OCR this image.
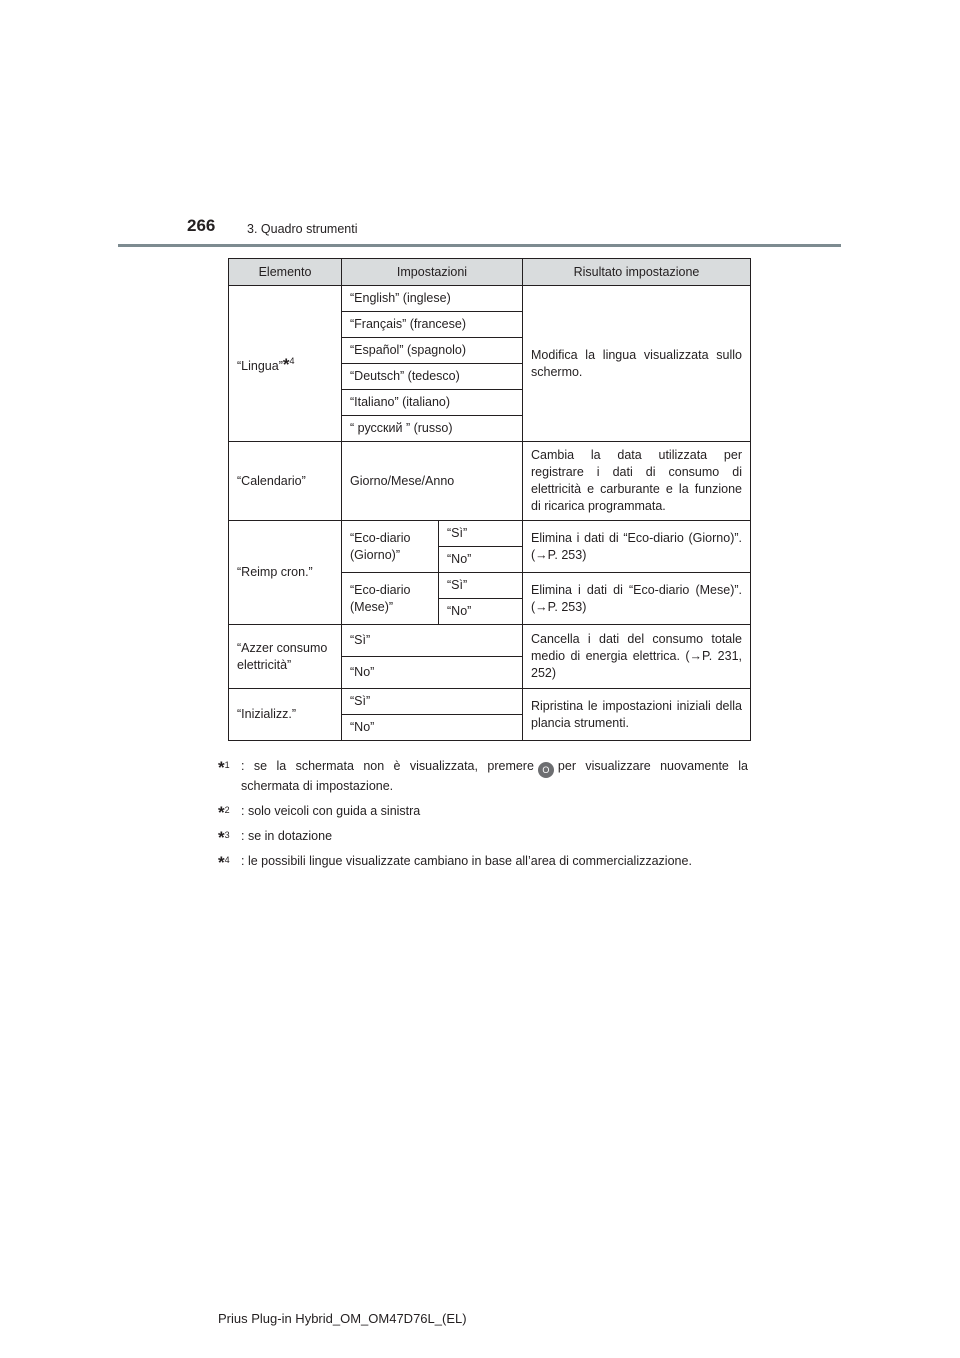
266	3. Quadro strumenti
Elemento	Impostazioni		Risultato impostazione
“Lingua”*$^4$	“English” (inglese)		Modifica la lingua visualizzata sullo schermo.
	“Français” (francese)		
	“Español” (spagnolo)		
	“Deutsch” (tedesco)		
	“Italiano” (italiano)		
	“ русский ” (russo)		
“Calendario”	Giorno/Mese/Anno		Cambia la data utilizzata per registrare i dati di consumo di elettricità e carburante e la funzione di ricarica programmata.
“Reimp cron.”	“Eco-diario (Giorno)”	“Sì”	Elimina i dati di “Eco-diario (Giorno)”. (→P. 253)
		“No”	
	“Eco-diario (Mese)”	“Sì”	Elimina i dati di “Eco-diario (Mese)”. (→P. 253)
		“No”	
“Azzer consumo elettricità”	“Sì”		Cancella i dati del consumo totale medio di energia elettrica. (→P. 231, 252)
	“No”		
“Inizializz.”	“Sì”		Ripristina le impostazioni iniziali della plancia strumenti.
	“No”		
*$^1$ : se la schermata non è visualizzata, premere O per visualizzare nuovamente la schermata di impostazione.
*$^2$ : solo veicoli con guida a sinistra
*$^3$ : se in dotazione
*$^4$ : le possibili lingue visualizzate cambiano in base all’area di commercializzazione.
Prius Plug-in Hybrid_OM_OM47D76L_(EL)
